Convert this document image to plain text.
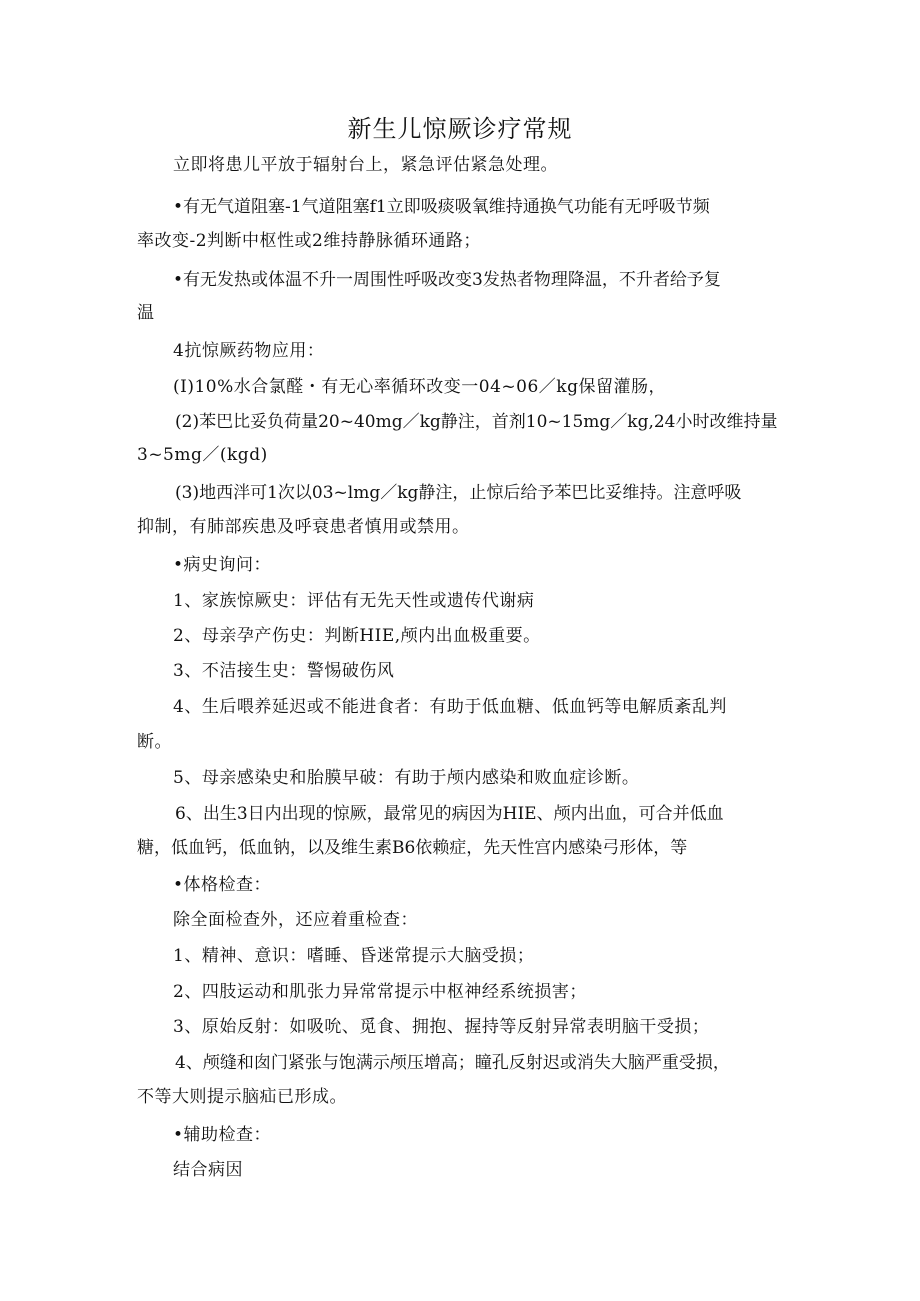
新生儿惊厥诊疗常规
立即将患儿平放于辐射台上，紧急评估紧急处理。
•有无气道阻塞-1气道阻塞f1立即吸痰吸氧维持通换气功能有无呼吸节频
率改变-2判断中枢性或2维持静脉循环通路；
•有无发热或体温不升一周围性呼吸改变3发热者物理降温，不升者给予复
温
4抗惊厥药物应用：
(I)10%水合氯醛・有无心率循环改变一04~06／kg保留灌肠，
(2)苯巴比妥负荷量20~40mg／kg静注，首剂10~15mg／kg,24小时改维持量
3~5mg／(kgd)
(3)地西泮可1次以03~lmg／kg静注，止惊后给予苯巴比妥维持。注意呼吸
抑制，有肺部疾患及呼衰患者慎用或禁用。
•病史询问：
1、家族惊厥史：评估有无先天性或遗传代谢病
2、母亲孕产伤史：判断HIE,颅内出血极重要。
3、不洁接生史：警惕破伤风
4、生后喂养延迟或不能进食者：有助于低血糖、低血钙等电解质紊乱判
断。
5、母亲感染史和胎膜早破：有助于颅内感染和败血症诊断。
6、出生3日内出现的惊厥，最常见的病因为HIE、颅内出血，可合并低血
糖，低血钙，低血钠，以及维生素B6依赖症，先天性宫内感染弓形体，等
•体格检查：
除全面检查外，还应着重检查：
1、精神、意识：嗜睡、昏迷常提示大脑受损；
2、四肢运动和肌张力异常常提示中枢神经系统损害；
3、原始反射：如吸吮、觅食、拥抱、握持等反射异常表明脑干受损；
4、颅缝和囱门紧张与饱满示颅压增高；瞳孔反射迟或消失大脑严重受损，
不等大则提示脑疝已形成。
•辅助检查：
结合病因
